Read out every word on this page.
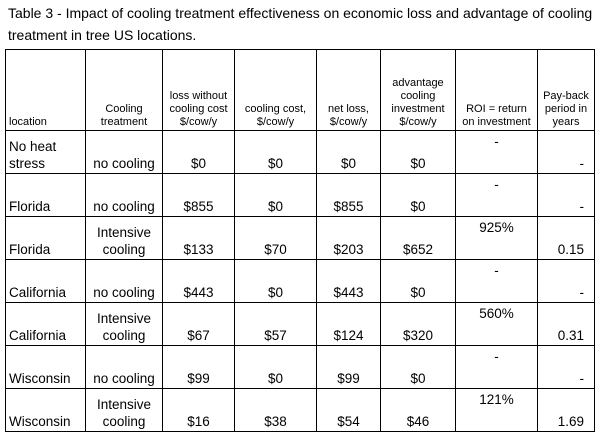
Table 3 - Impact of cooling treatment effectiveness on economic loss and advantage of cooling treatment in tree US locations.
location	Cooling treatment	loss without cooling cost $/cow/y	cooling cost, $/cow/y	net loss, $/cow/y	advantage cooling investment $/cow/y	ROI = return on investment	Pay-back period in years
No heat stress	no cooling	$0	$0	$0	$0	-	-
Florida	no cooling	$855	$0	$855	$0	-	-
Florida	Intensive cooling	$133	$70	$203	$652	925%	0.15
California	no cooling	$443	$0	$443	$0	-	-
California	Intensive cooling	$67	$57	$124	$320	560%	0.31
Wisconsin	no cooling	$99	$0	$99	$0	-	-
Wisconsin	Intensive cooling	$16	$38	$54	$46	121%	1.69
